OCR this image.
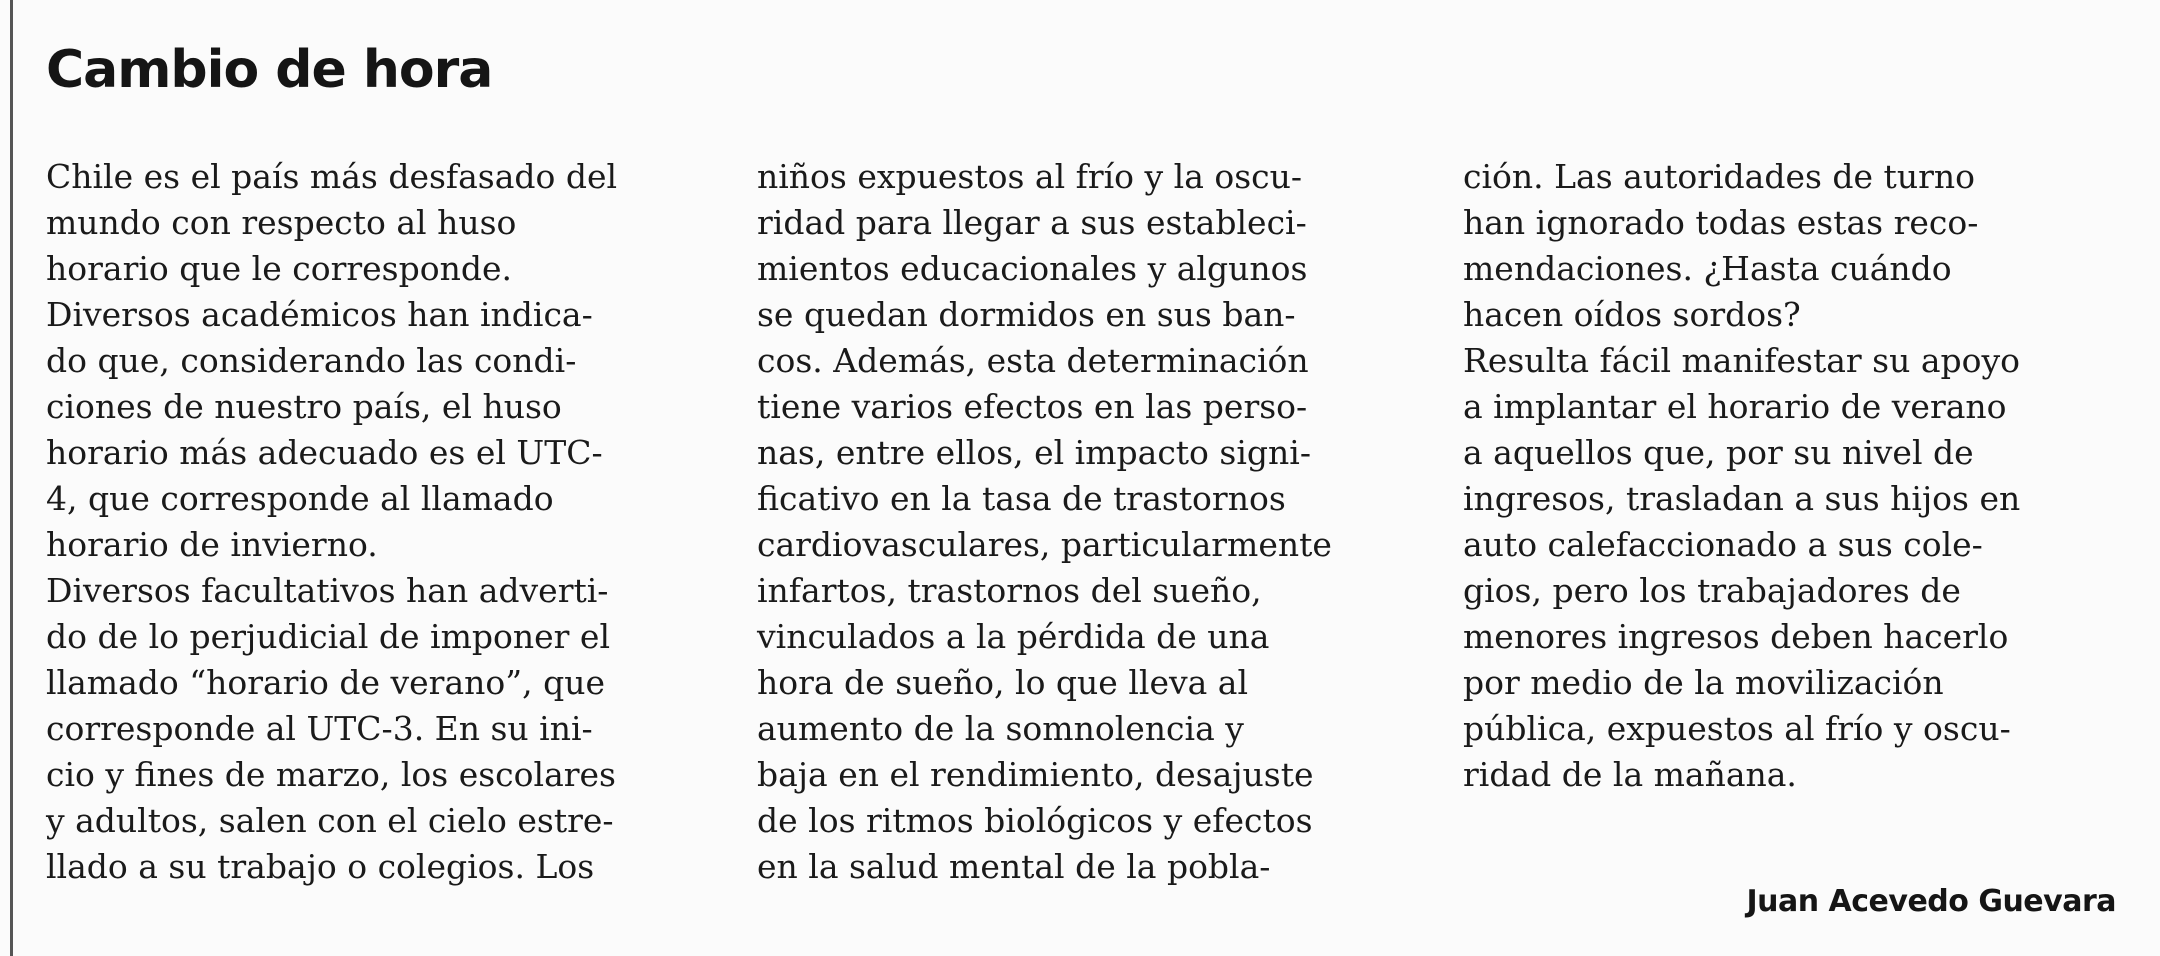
Cambio de hora
Chile es el país más desfasado del
mundo con respecto al huso
horario que le corresponde.
Diversos académicos han indica-
do que, considerando las condi-
ciones de nuestro país, el huso
horario más adecuado es el UTC-
4, que corresponde al llamado
horario de invierno.
Diversos facultativos han adverti-
do de lo perjudicial de imponer el
llamado “horario de verano”, que
corresponde al UTC-3. En su ini-
cio y fines de marzo, los escolares
y adultos, salen con el cielo estre-
llado a su trabajo o colegios. Los
niños expuestos al frío y la oscu-
ridad para llegar a sus estableci-
mientos educacionales y algunos
se quedan dormidos en sus ban-
cos. Además, esta determinación
tiene varios efectos en las perso-
nas, entre ellos, el impacto signi-
ficativo en la tasa de trastornos
cardiovasculares, particularmente
infartos, trastornos del sueño,
vinculados a la pérdida de una
hora de sueño, lo que lleva al
aumento de la somnolencia y
baja en el rendimiento, desajuste
de los ritmos biológicos y efectos
en la salud mental de la pobla-
ción. Las autoridades de turno
han ignorado todas estas reco-
mendaciones. ¿Hasta cuándo
hacen oídos sordos?
Resulta fácil manifestar su apoyo
a implantar el horario de verano
a aquellos que, por su nivel de
ingresos, trasladan a sus hijos en
auto calefaccionado a sus cole-
gios, pero los trabajadores de
menores ingresos deben hacerlo
por medio de la movilización
pública, expuestos al frío y oscu-
ridad de la mañana.
Juan Acevedo Guevara
